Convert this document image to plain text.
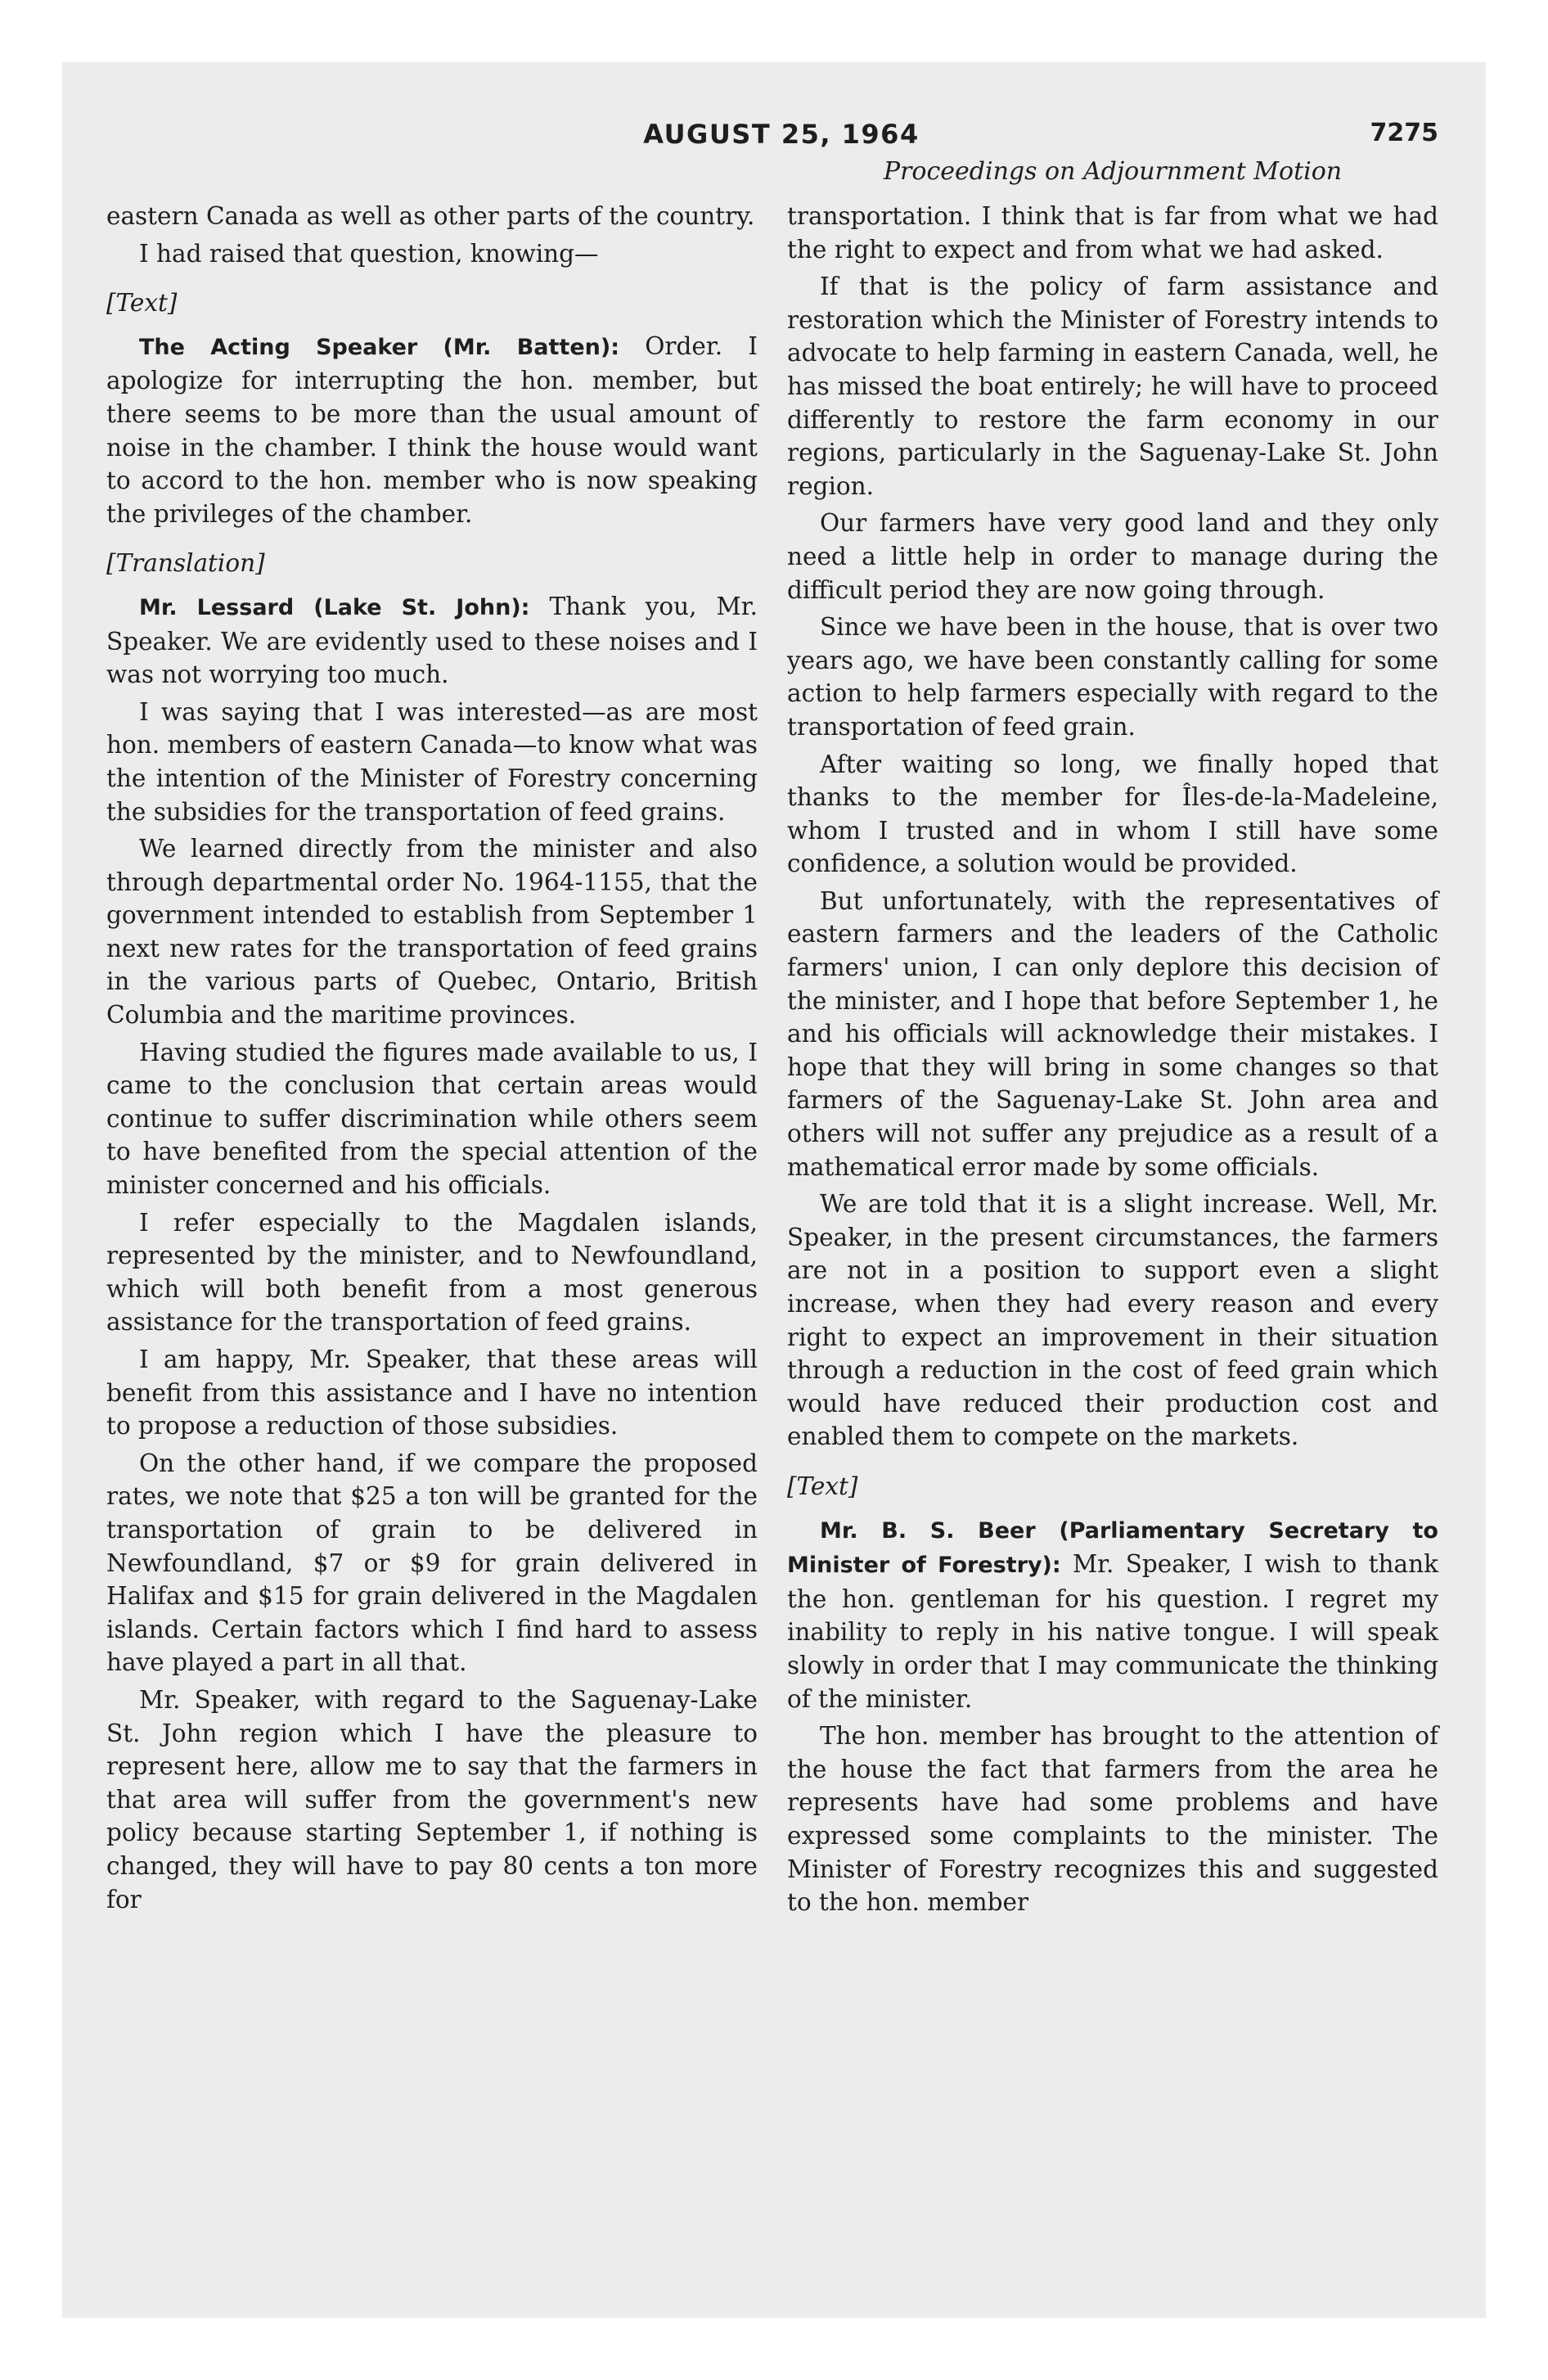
AUGUST 25, 1964	7275
Proceedings on Adjournment Motion

eastern Canada as well as other parts of the country.

I had raised that question, knowing—

[Text]

The Acting Speaker (Mr. Batten): Order. I apologize for interrupting the hon. member, but there seems to be more than the usual amount of noise in the chamber. I think the house would want to accord to the hon. member who is now speaking the privileges of the chamber.

[Translation]

Mr. Lessard (Lake St. John): Thank you, Mr. Speaker. We are evidently used to these noises and I was not worrying too much.

I was saying that I was interested—as are most hon. members of eastern Canada—to know what was the intention of the Minister of Forestry concerning the subsidies for the transportation of feed grains.

We learned directly from the minister and also through departmental order No. 1964-1155, that the government intended to establish from September 1 next new rates for the transportation of feed grains in the various parts of Quebec, Ontario, British Columbia and the maritime provinces.

Having studied the figures made available to us, I came to the conclusion that certain areas would continue to suffer discrimination while others seem to have benefited from the special attention of the minister concerned and his officials.

I refer especially to the Magdalen islands, represented by the minister, and to Newfoundland, which will both benefit from a most generous assistance for the transportation of feed grains.

I am happy, Mr. Speaker, that these areas will benefit from this assistance and I have no intention to propose a reduction of those subsidies.

On the other hand, if we compare the proposed rates, we note that $25 a ton will be granted for the transportation of grain to be delivered in Newfoundland, $7 or $9 for grain delivered in Halifax and $15 for grain delivered in the Magdalen islands. Certain factors which I find hard to assess have played a part in all that.

Mr. Speaker, with regard to the Saguenay-Lake St. John region which I have the pleasure to represent here, allow me to say that the farmers in that area will suffer from the government's new policy because starting September 1, if nothing is changed, they will have to pay 80 cents a ton more for

transportation. I think that is far from what we had the right to expect and from what we had asked.

If that is the policy of farm assistance and restoration which the Minister of Forestry intends to advocate to help farming in eastern Canada, well, he has missed the boat entirely; he will have to proceed differently to restore the farm economy in our regions, particularly in the Saguenay-Lake St. John region.

Our farmers have very good land and they only need a little help in order to manage during the difficult period they are now going through.

Since we have been in the house, that is over two years ago, we have been constantly calling for some action to help farmers especially with regard to the transportation of feed grain.

After waiting so long, we finally hoped that thanks to the member for Îles-de-la-Madeleine, whom I trusted and in whom I still have some confidence, a solution would be provided.

But unfortunately, with the representatives of eastern farmers and the leaders of the Catholic farmers' union, I can only deplore this decision of the minister, and I hope that before September 1, he and his officials will acknowledge their mistakes. I hope that they will bring in some changes so that farmers of the Saguenay-Lake St. John area and others will not suffer any prejudice as a result of a mathematical error made by some officials.

We are told that it is a slight increase. Well, Mr. Speaker, in the present circumstances, the farmers are not in a position to support even a slight increase, when they had every reason and every right to expect an improvement in their situation through a reduction in the cost of feed grain which would have reduced their production cost and enabled them to compete on the markets.

[Text]

Mr. B. S. Beer (Parliamentary Secretary to Minister of Forestry): Mr. Speaker, I wish to thank the hon. gentleman for his question. I regret my inability to reply in his native tongue. I will speak slowly in order that I may communicate the thinking of the minister.

The hon. member has brought to the attention of the house the fact that farmers from the area he represents have had some problems and have expressed some complaints to the minister. The Minister of Forestry recognizes this and suggested to the hon. member
